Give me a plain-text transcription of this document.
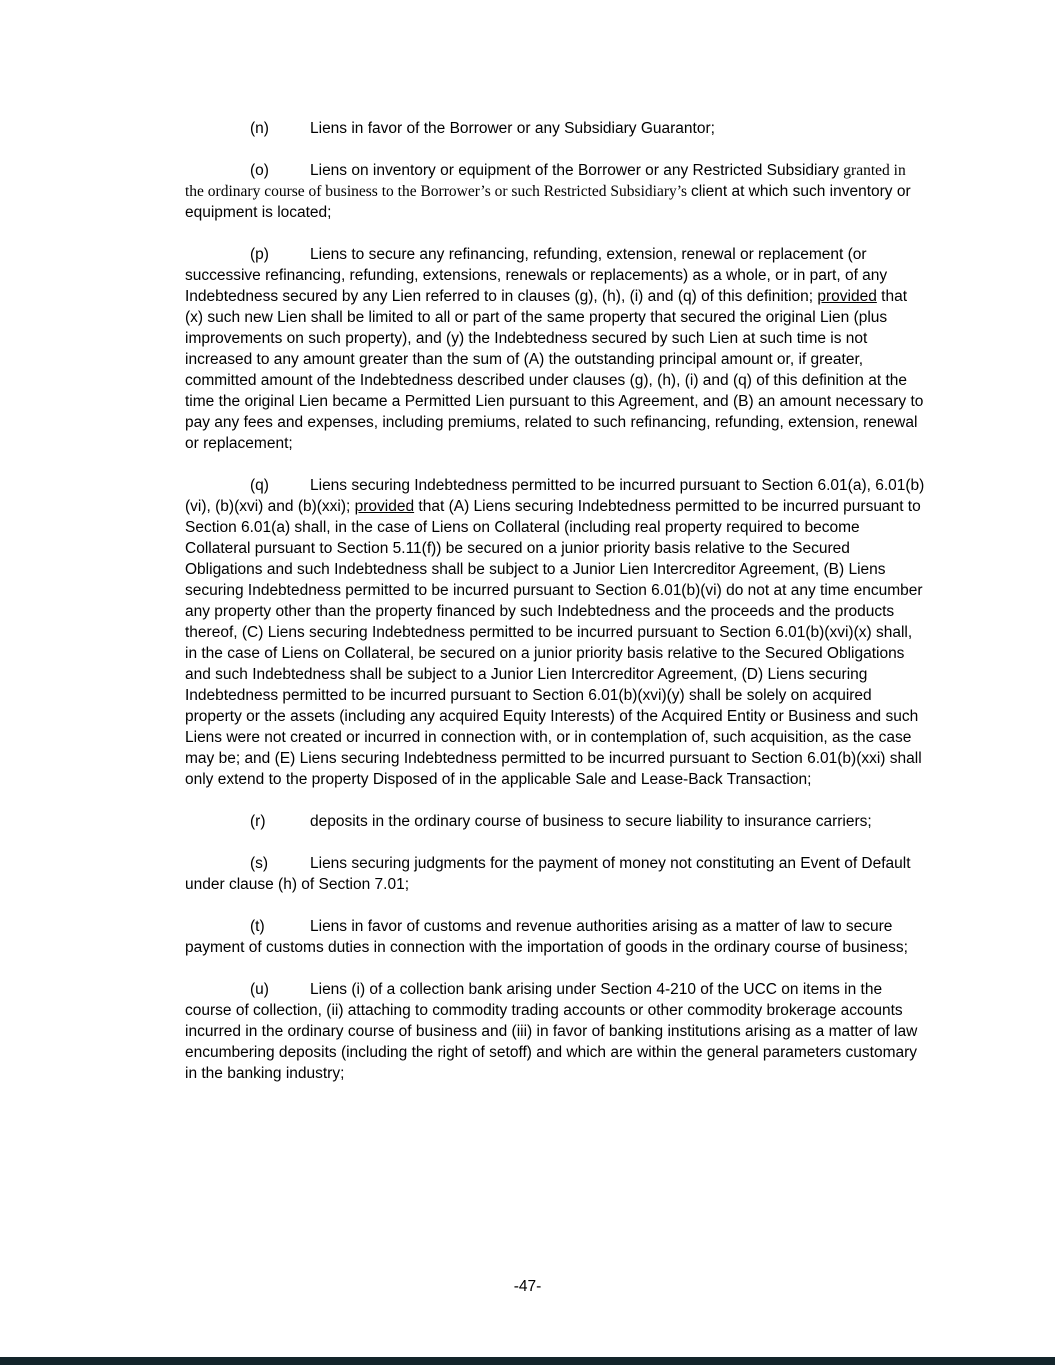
(n)	Liens in favor of the Borrower or any Subsidiary Guarantor;

(o)	Liens on inventory or equipment of the Borrower or any Restricted Subsidiary granted in the ordinary course of business to the Borrower’s or such Restricted Subsidiary’s client at which such inventory or equipment is located;

(p)	Liens to secure any refinancing, refunding, extension, renewal or replacement (or successive refinancing, refunding, extensions, renewals or replacements) as a whole, or in part, of any Indebtedness secured by any Lien referred to in clauses (g), (h), (i) and (q) of this definition; provided that (x) such new Lien shall be limited to all or part of the same property that secured the original Lien (plus improvements on such property), and (y) the Indebtedness secured by such Lien at such time is not increased to any amount greater than the sum of (A) the outstanding principal amount or, if greater, committed amount of the Indebtedness described under clauses (g), (h), (i) and (q) of this definition at the time the original Lien became a Permitted Lien pursuant to this Agreement, and (B) an amount necessary to pay any fees and expenses, including premiums, related to such refinancing, refunding, extension, renewal or replacement;

(q)	Liens securing Indebtedness permitted to be incurred pursuant to Section 6.01(a), 6.01(b)(vi), (b)(xvi) and (b)(xxi); provided that (A) Liens securing Indebtedness permitted to be incurred pursuant to Section 6.01(a) shall, in the case of Liens on Collateral (including real property required to become Collateral pursuant to Section 5.11(f)) be secured on a junior priority basis relative to the Secured Obligations and such Indebtedness shall be subject to a Junior Lien Intercreditor Agreement, (B) Liens securing Indebtedness permitted to be incurred pursuant to Section 6.01(b)(vi) do not at any time encumber any property other than the property financed by such Indebtedness and the proceeds and the products thereof, (C) Liens securing Indebtedness permitted to be incurred pursuant to Section 6.01(b)(xvi)(x) shall, in the case of Liens on Collateral, be secured on a junior priority basis relative to the Secured Obligations and such Indebtedness shall be subject to a Junior Lien Intercreditor Agreement, (D) Liens securing Indebtedness permitted to be incurred pursuant to Section 6.01(b)(xvi)(y) shall be solely on acquired property or the assets (including any acquired Equity Interests) of the Acquired Entity or Business and such Liens were not created or incurred in connection with, or in contemplation of, such acquisition, as the case may be; and (E) Liens securing Indebtedness permitted to be incurred pursuant to Section 6.01(b)(xxi) shall only extend to the property Disposed of in the applicable Sale and Lease-Back Transaction;

(r)	deposits in the ordinary course of business to secure liability to insurance carriers;

(s)	Liens securing judgments for the payment of money not constituting an Event of Default under clause (h) of Section 7.01;

(t)	Liens in favor of customs and revenue authorities arising as a matter of law to secure payment of customs duties in connection with the importation of goods in the ordinary course of business;

(u)	Liens (i) of a collection bank arising under Section 4-210 of the UCC on items in the course of collection, (ii) attaching to commodity trading accounts or other commodity brokerage accounts incurred in the ordinary course of business and (iii) in favor of banking institutions arising as a matter of law encumbering deposits (including the right of setoff) and which are within the general parameters customary in the banking industry;

-47-
